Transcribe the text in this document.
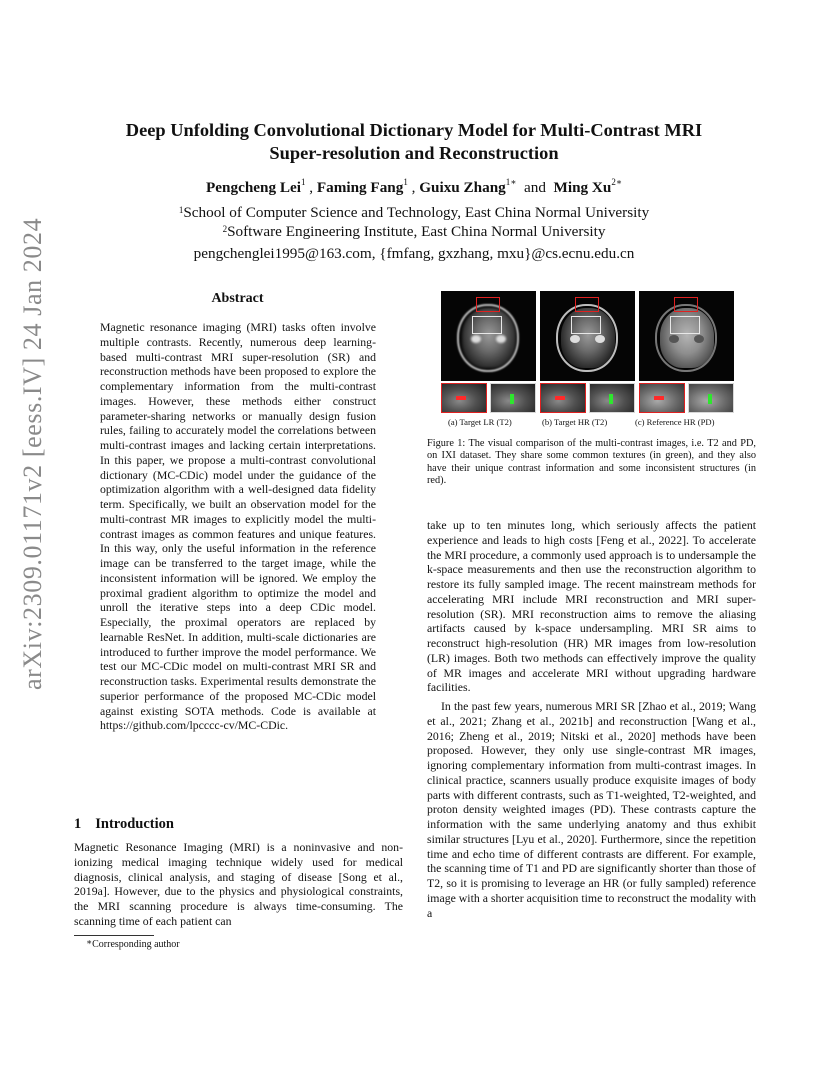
arXiv:2309.01171v2 [eess.IV] 24 Jan 2024
Deep Unfolding Convolutional Dictionary Model for Multi-Contrast MRI
Super-resolution and Reconstruction
Pengcheng Lei$^1$ , Faming Fang$^1$ , Guixu Zhang$^{1∗}$ and Ming $Xu^{2∗}$
$^1$School of Computer Science and Technology, East China Normal University
$^2$Software Engineering Institute, East China Normal University
pengchenglei1995@163.com, {fmfang, gxzhang, mxu}@cs.ecnu.edu.cn
Abstract
Magnetic resonance imaging (MRI) tasks often involve multiple contrasts. Recently, numerous deep learning-based multi-contrast MRI super-resolution (SR) and reconstruction methods have been proposed to explore the complementary information from the multi-contrast images. However, these methods either construct parameter-sharing networks or manually design fusion rules, failing to accurately model the correlations between multi-contrast images and lacking certain interpretations. In this paper, we propose a multi-contrast convolutional dictionary (MC-CDic) model under the guidance of the optimization algorithm with a well-designed data fidelity term. Specifically, we built an observation model for the multi-contrast MR images to explicitly model the multi-contrast images as common features and unique features. In this way, only the useful information in the reference image can be transferred to the target image, while the inconsistent information will be ignored. We employ the proximal gradient algorithm to optimize the model and unroll the iterative steps into a deep CDic model. Especially, the proximal operators are replaced by learnable ResNet. In addition, multi-scale dictionaries are introduced to further improve the model performance. We test our MC-CDic model on multi-contrast MRI SR and reconstruction tasks. Experimental results demonstrate the superior performance of the proposed MC-CDic model against existing SOTA methods. Code is available at https://github.com/lpcccc-cv/MC-CDic.
1 Introduction

Magnetic Resonance Imaging (MRI) is a noninvasive and non-ionizing medical imaging technique widely used for medical diagnosis, clinical analysis, and staging of disease [Song et al., 2019a]. However, due to the physics and physiological constraints, the MRI scanning procedure is always time-consuming. The scanning time of each patient can

∗Corresponding author
(a) Target LR (T2)	(b) Target HR (T2)	(c) Reference HR (PD)
Figure 1: The visual comparison of the multi-contrast images, i.e. T2 and PD, on IXI dataset. They share some common textures (in green), and they also have their unique contrast information and some inconsistent structures (in red).

take up to ten minutes long, which seriously affects the patient experience and leads to high costs [Feng et al., 2022]. To accelerate the MRI procedure, a commonly used approach is to undersample the k-space measurements and then use the reconstruction algorithm to restore its fully sampled image. The recent mainstream methods for accelerating MRI include MRI reconstruction and MRI super-resolution (SR). MRI reconstruction aims to remove the aliasing artifacts caused by k-space undersampling. MRI SR aims to reconstruct high-resolution (HR) MR images from low-resolution (LR) images. Both two methods can effectively improve the quality of MR images and accelerate MRI without upgrading hardware facilities.

In the past few years, numerous MRI SR [Zhao et al., 2019; Wang et al., 2021; Zhang et al., 2021b] and reconstruction [Wang et al., 2016; Zheng et al., 2019; Nitski et al., 2020] methods have been proposed. However, they only use single-contrast MR images, ignoring complementary information from multi-contrast images. In clinical practice, scanners usually produce exquisite images of body parts with different contrasts, such as T1-weighted, T2-weighted, and proton density weighted images (PD). These contrasts capture the information with the same underlying anatomy and thus exhibit similar structures [Lyu et al., 2020]. Furthermore, since the repetition time and echo time of different contrasts are different. For example, the scanning time of T1 and PD are significantly shorter than those of T2, so it is promising to leverage an HR (or fully sampled) reference image with a shorter acquisition time to reconstruct the modality with a
